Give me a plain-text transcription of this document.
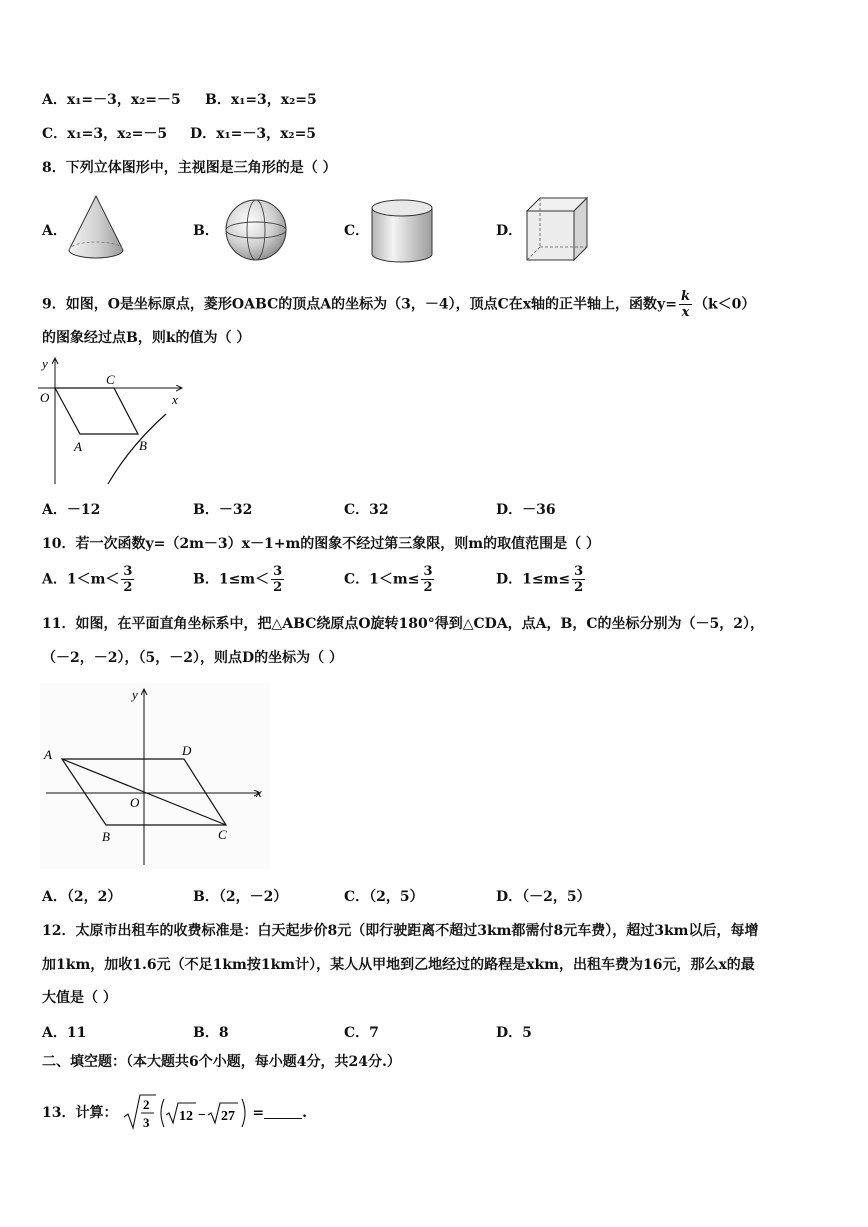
A．x₁=－3，x₂=－5 B．x₁=3，x₂=5
C．x₁=3，x₂=－5 D．x₁=－3，x₂=5
8．下列立体图形中，主视图是三角形的是（ ）
A．	B．	C．	D．
9．如图，O是坐标原点，菱形OABC的顶点A的坐标为（3，－4），顶点C在x轴的正半轴上，函数$y= \frac{k}{x} (k<0)$
的图象经过点B，则k的值为（ ）
y
x
O
C
A	B
A．－12	B．－32	C．32	D．－36
10．若一次函数y=（2m－3）x－1+m的图象不经过第三象限，则m的取值范围是（ ）
A．$1<m< \frac{3}{2}$	B．$1\le m< \frac{3}{2}$	C．$1<m\le \frac{3}{2}$	D．$1\le m\le \frac{3}{2}$
11．如图，在平面直角坐标系中，把△ABC绕原点O旋转180°得到△CDA，点A，B，C的坐标分别为（－5，2），
（－2，－2），（5，－2），则点D的坐标为（ ）
y
x
O
A	D
B	C
A．（2，2）	B．（2，－2）	C．（2，5）	D．（－2，5）
12．太原市出租车的收费标准是：白天起步价8元（即行驶距离不超过3km都需付8元车费），超过3km以后，每增
加1km，加收1.6元（不足1km按1km计），某人从甲地到乙地经过的路程是xkm，出租车费为16元，那么x的最
大值是（ ）
A．11	B．8	C．7	D．5
二、填空题：（本大题共6个小题，每小题4分，共24分.）
13．计算：
2
3 12 − 27 =	.
